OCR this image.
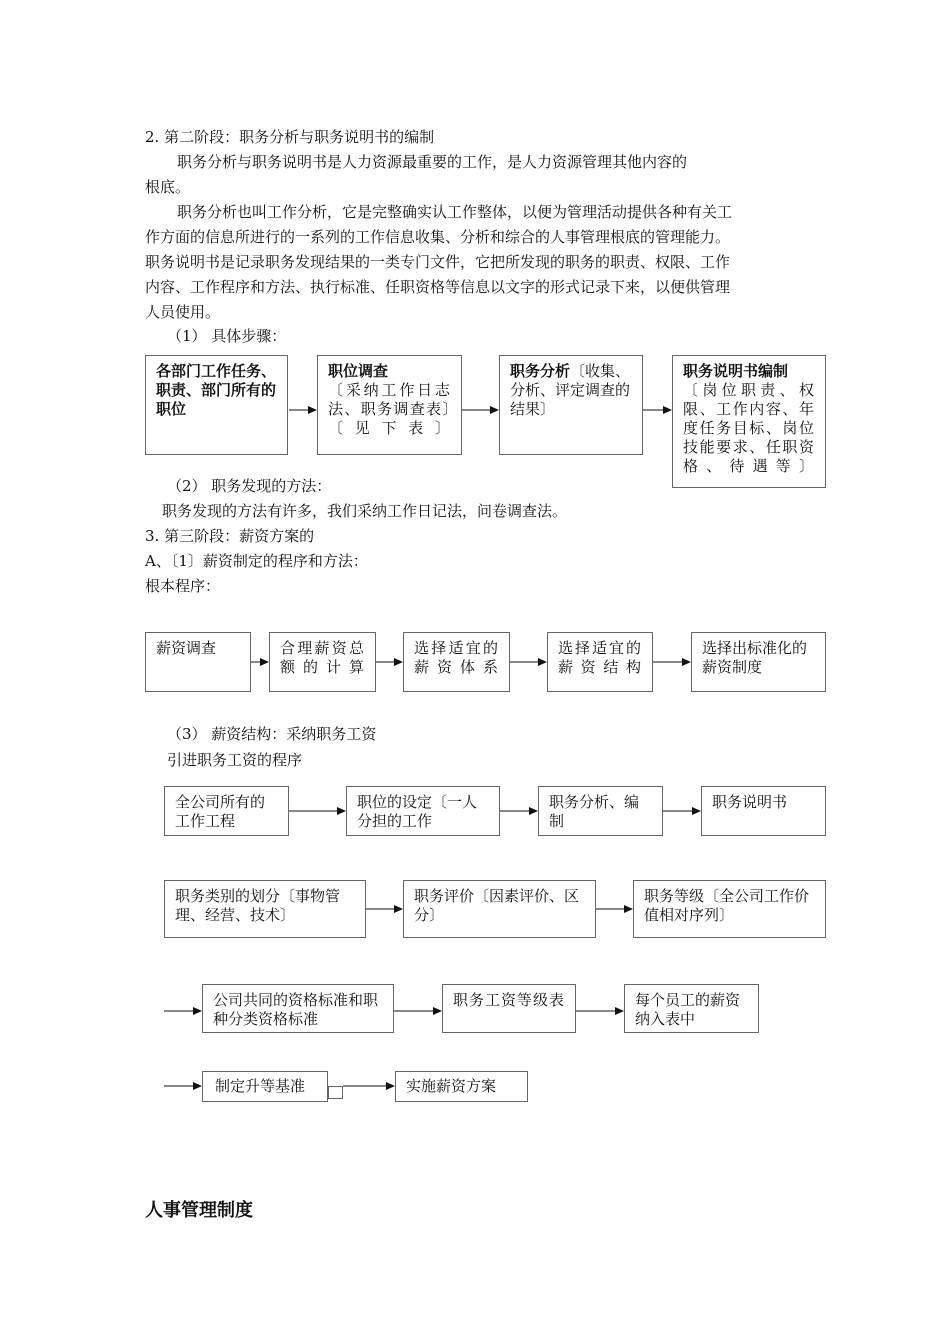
2. 第二阶段：职务分析与职务说明书的编制
职务分析与职务说明书是人力资源最重要的工作，是人力资源管理其他内容的
根底。
职务分析也叫工作分析，它是完整确实认工作整体，以便为管理活动提供各种有关工
作方面的信息所进行的一系列的工作信息收集、分析和综合的人事管理根底的管理能力。
职务说明书是记录职务发现结果的一类专门文件，它把所发现的职务的职责、权限、工作
内容、工作程序和方法、执行标准、任职资格等信息以文字的形式记录下来，以便供管理
人员使用。
（1） 具体步骤：
各部门工作任务、职责、部门所有的职位
职位调查

〔采纳工作日志法、职务调查表〕〔见下表〕
职务分析〔收集、分析、评定调查的结果〕
职务说明书编制

〔岗位职责、权限、工作内容、年度任务目标、岗位技能要求、任职资格、待遇等〕
（2） 职务发现的方法：
职务发现的方法有许多，我们采纳工作日记法，问卷调查法。
3. 第三阶段：薪资方案的
A、〔1〕薪资制定的程序和方法：
根本程序：
薪资调查	合理薪资总额的计算
选择适宜的薪资体系
选择适宜的薪资结构
选择出标准化的薪资制度
（3） 薪资结构：采纳职务工资
引进职务工资的程序
全公司所有的工作工程
职位的设定〔一人分担的工作
职务分析、编制
职务说明书
职务类别的划分〔事物管理、经营、技术〕
职务评价〔因素评价、区分〕
职务等级〔全公司工作价值相对序列〕
公司共同的资格标准和职种分类资格标准
职务工资等级表	每个员工的薪资纳入表中
制定升等基准	实施薪资方案
人事管理制度
